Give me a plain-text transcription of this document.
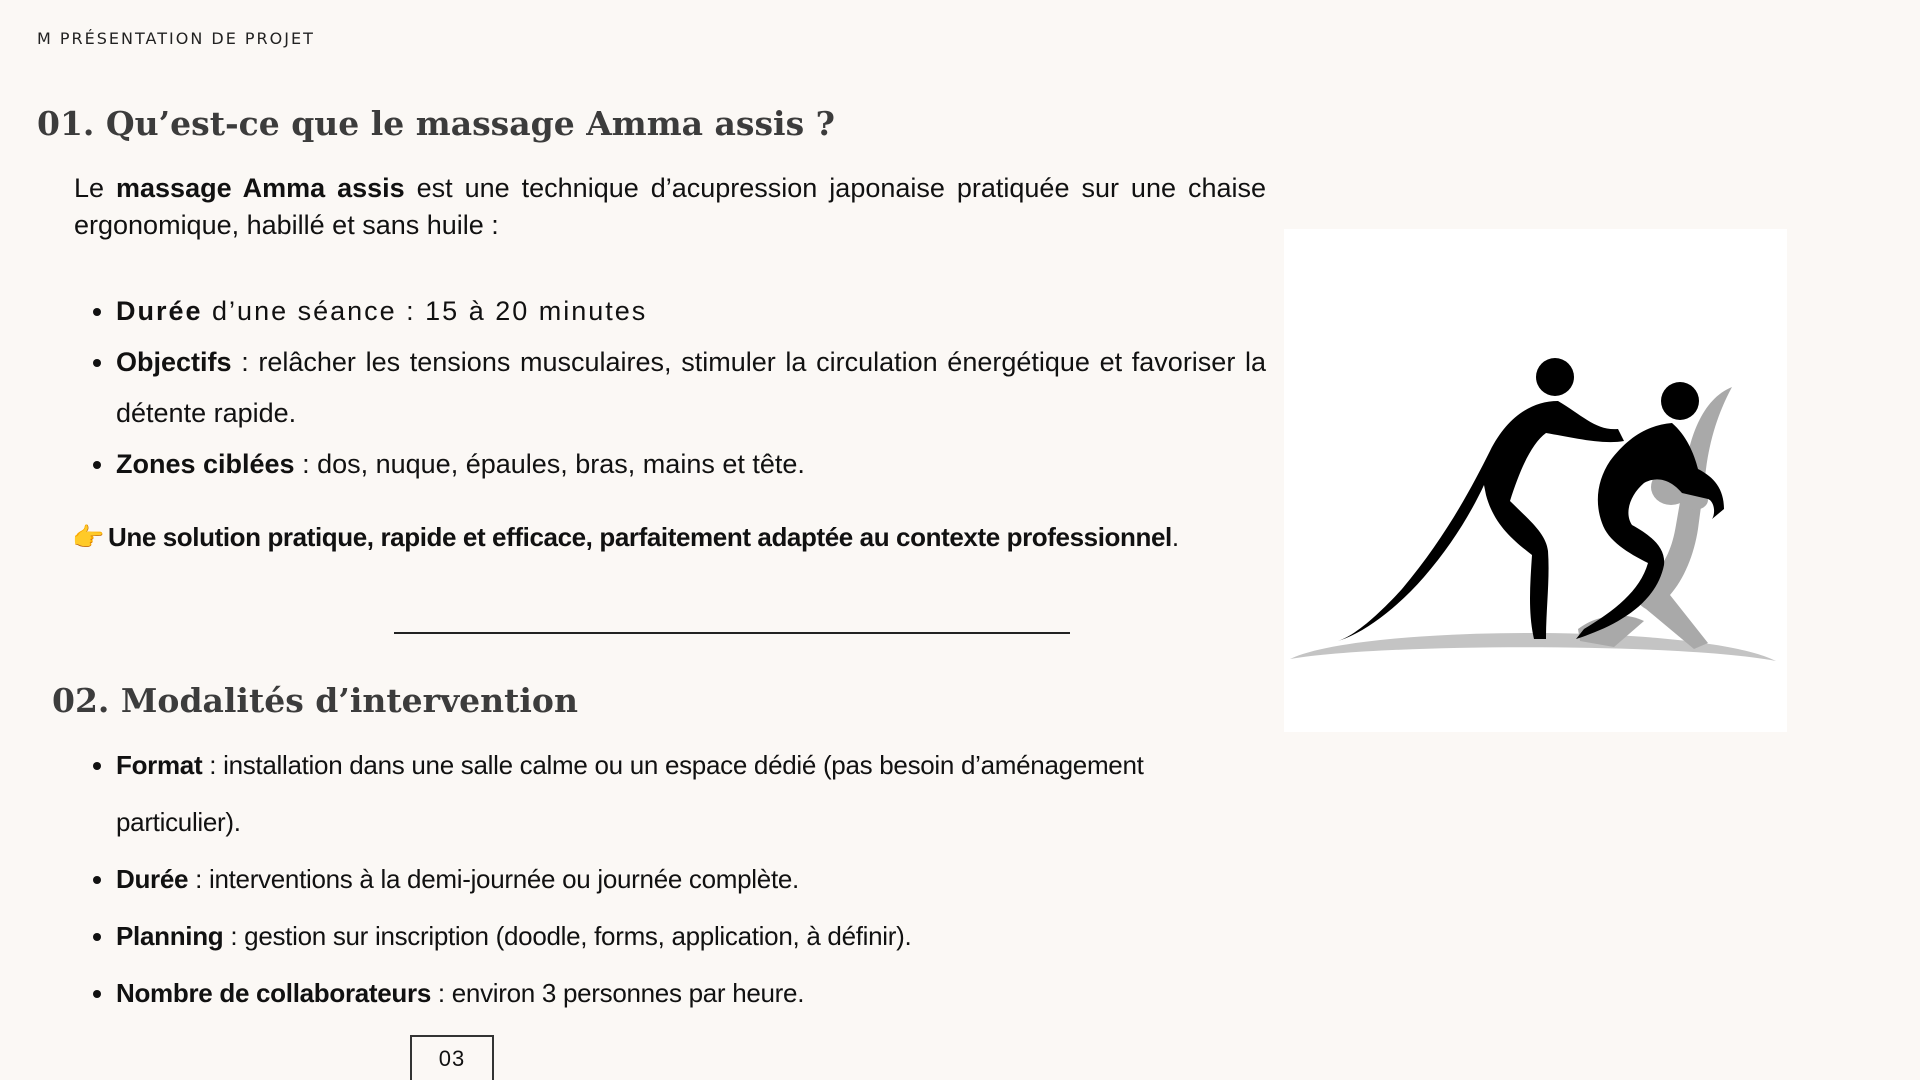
M PRÉSENTATION DE PROJET
01. Qu’est-ce que le massage Amma assis ?

Le massage Amma assis est une technique d’acupression japonaise pratiquée sur une chaise ergonomique, habillé et sans huile :

Durée d’une séance : 15 à 20 minutes
Objectifs : relâcher les tensions musculaires, stimuler la circulation énergétique et favoriser la détente rapide.
Zones ciblées : dos, nuque, épaules, bras, mains et tête.

👉 Une solution pratique, rapide et efficace, parfaitement adaptée au contexte professionnel.

02. Modalités d’intervention
Format : installation dans une salle calme ou un espace dédié (pas besoin d’aménagement particulier).
Durée : interventions à la demi-journée ou journée complète.
Planning : gestion sur inscription (doodle, forms, application, à définir).
Nombre de collaborateurs : environ 3 personnes par heure.
03
